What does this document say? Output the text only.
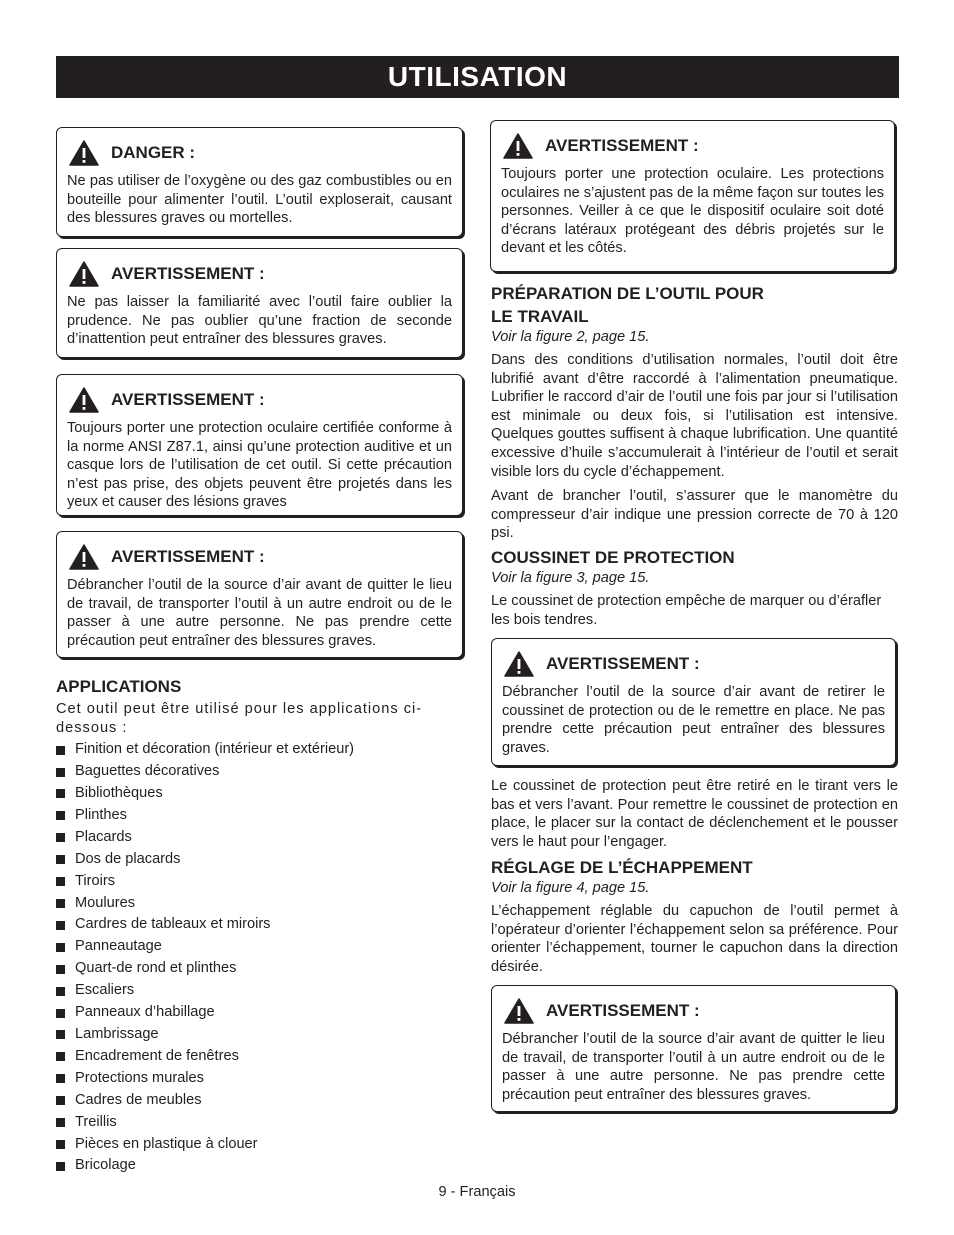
UTILISATION
DANGER :
Ne pas utiliser de l’oxygène ou des gaz combustibles ou en bouteille pour alimenter l’outil. L’outil exploserait, causant des blessures graves ou mortelles.
AVERTISSEMENT :
Ne pas laisser la familiarité avec l’outil faire oublier la prudence. Ne pas oublier qu’une fraction de seconde d’inattention peut entraîner des blessures graves.
AVERTISSEMENT :
Toujours porter une protection oculaire certifiée conforme à la norme ANSI Z87.1, ainsi qu’une protection auditive et un casque lors de l’utilisation de cet outil. Si cette précaution n’est pas prise, des objets peuvent être projetés dans les yeux et causer des lésions graves
AVERTISSEMENT :
Débrancher l’outil de la source d’air avant de quitter le lieu de travail, de transporter l’outil à un autre endroit ou de le passer à une autre personne. Ne pas prendre cette précaution peut entraîner des blessures graves.
APPLICATIONS
Cet outil peut être utilisé pour les applications ci-dessous :
Finition et décoration (intérieur et extérieur)
Baguettes décoratives
Bibliothèques
Plinthes
Placards
Dos de placards
Tiroirs
Moulures
Cardres de tableaux et miroirs
Panneautage
Quart-de rond et plinthes
Escaliers
Panneaux d’habillage
Lambrissage
Encadrement de fenêtres
Protections murales
Cadres de meubles
Treillis
Pièces en plastique à clouer
Bricolage
AVERTISSEMENT :
Toujours porter une protection oculaire. Les protections oculaires ne s’ajustent pas de la même façon sur toutes les personnes. Veiller à ce que le dispositif oculaire soit doté d’écrans latéraux protégeant des débris projetés sur le devant et les côtés.
PRÉPARATION DE L’OUTIL POUR
LE TRAVAIL
Voir la figure 2, page 15.
Dans des conditions d’utilisation normales, l’outil doit être lubrifié avant d’être raccordé à l’alimentation pneumatique. Lubrifier le raccord d’air de l’outil une fois par jour si l’utilisation est minimale ou deux fois, si l’utilisation est intensive. Quelques gouttes suffisent à chaque lubrification. Une quantité excessive d’huile s’accumulerait à l’intérieur de l’outil et serait visible lors du cycle d’échappement.
Avant de brancher l’outil, s’assurer que le manomètre du compresseur d’air indique une pression correcte de 70 à 120 psi.
COUSSINET DE PROTECTION
Voir la figure 3, page 15.
Le coussinet de protection empêche de marquer ou d’érafler les bois tendres.
AVERTISSEMENT :
Débrancher l’outil de la source d’air avant de retirer le coussinet de protection ou de le remettre en place. Ne pas prendre cette précaution peut entraîner des blessures graves.
Le coussinet de protection peut être retiré en le tirant vers le bas et vers l’avant. Pour remettre le coussinet de protection en place, le placer sur la contact de déclenchement et le pousser vers le haut pour l’engager.
RÉGLAGE DE L’ÉCHAPPEMENT
Voir la figure 4, page 15.
L’échappement réglable du capuchon de l’outil permet à l’opérateur d’orienter l’échappement selon sa préférence. Pour orienter l’échappement, tourner le capuchon dans la direction désirée.
AVERTISSEMENT :
Débrancher l’outil de la source d’air avant de quitter le lieu de travail, de transporter l’outil à un autre endroit ou de le passer à une autre personne. Ne pas prendre cette précaution peut entraîner des blessures graves.
9 - Français
